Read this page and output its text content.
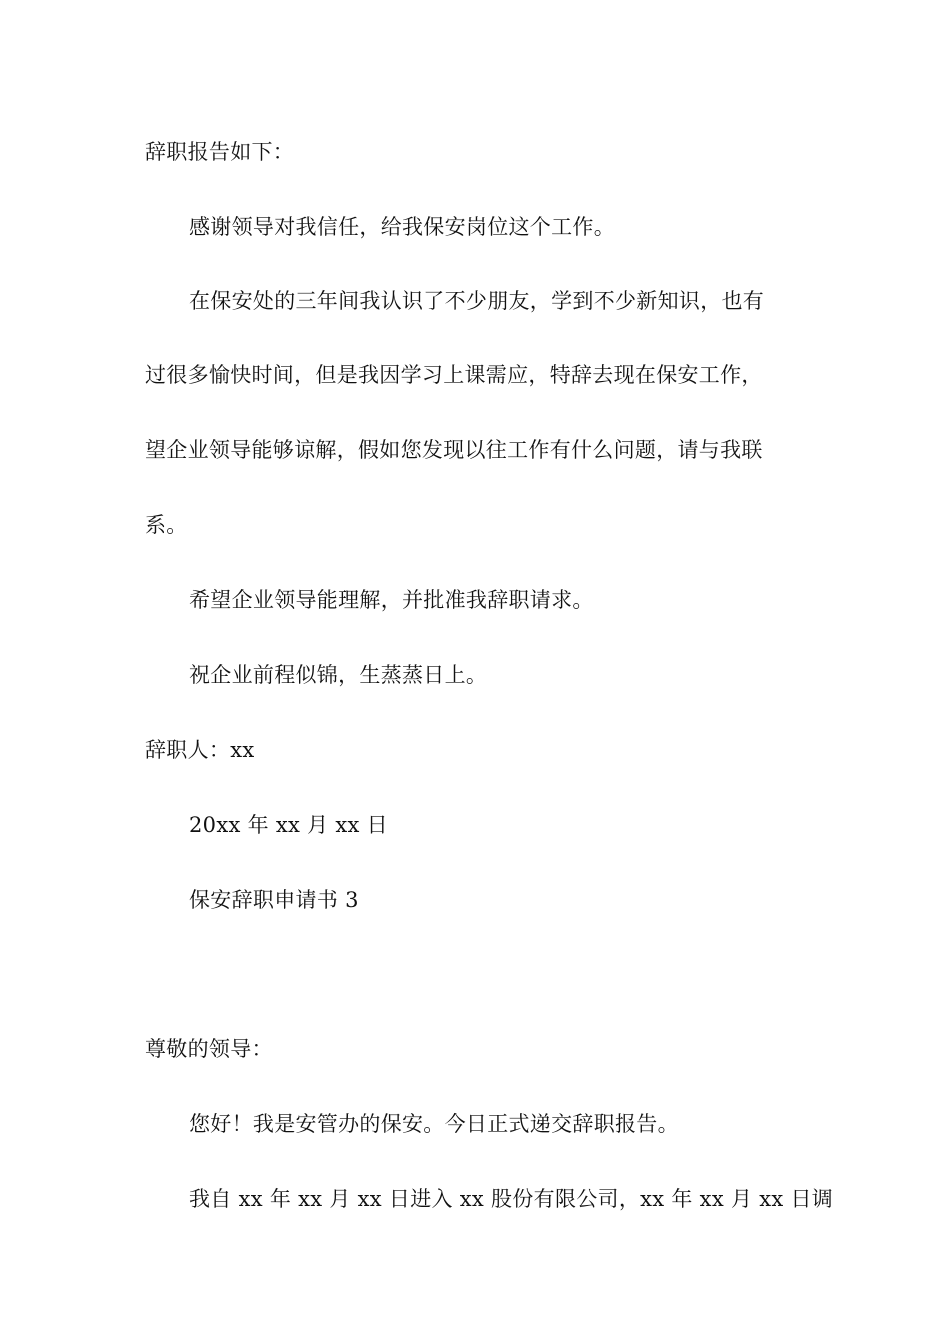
辞职报告如下：
感谢领导对我信任，给我保安岗位这个工作。
在保安处的三年间我认识了不少朋友，学到不少新知识，也有
过很多愉快时间，但是我因学习上课需应，特辞去现在保安工作，
望企业领导能够谅解，假如您发现以往工作有什么问题，请与我联
系。
希望企业领导能理解，并批准我辞职请求。
祝企业前程似锦，生蒸蒸日上。
辞职人：xx
20xx 年 xx 月 xx 日
保安辞职申请书 3
尊敬的领导：
您好！我是安管办的保安。今日正式递交辞职报告。
我自 xx 年 xx 月 xx 日进入 xx 股份有限公司，xx 年 xx 月 xx 日调
